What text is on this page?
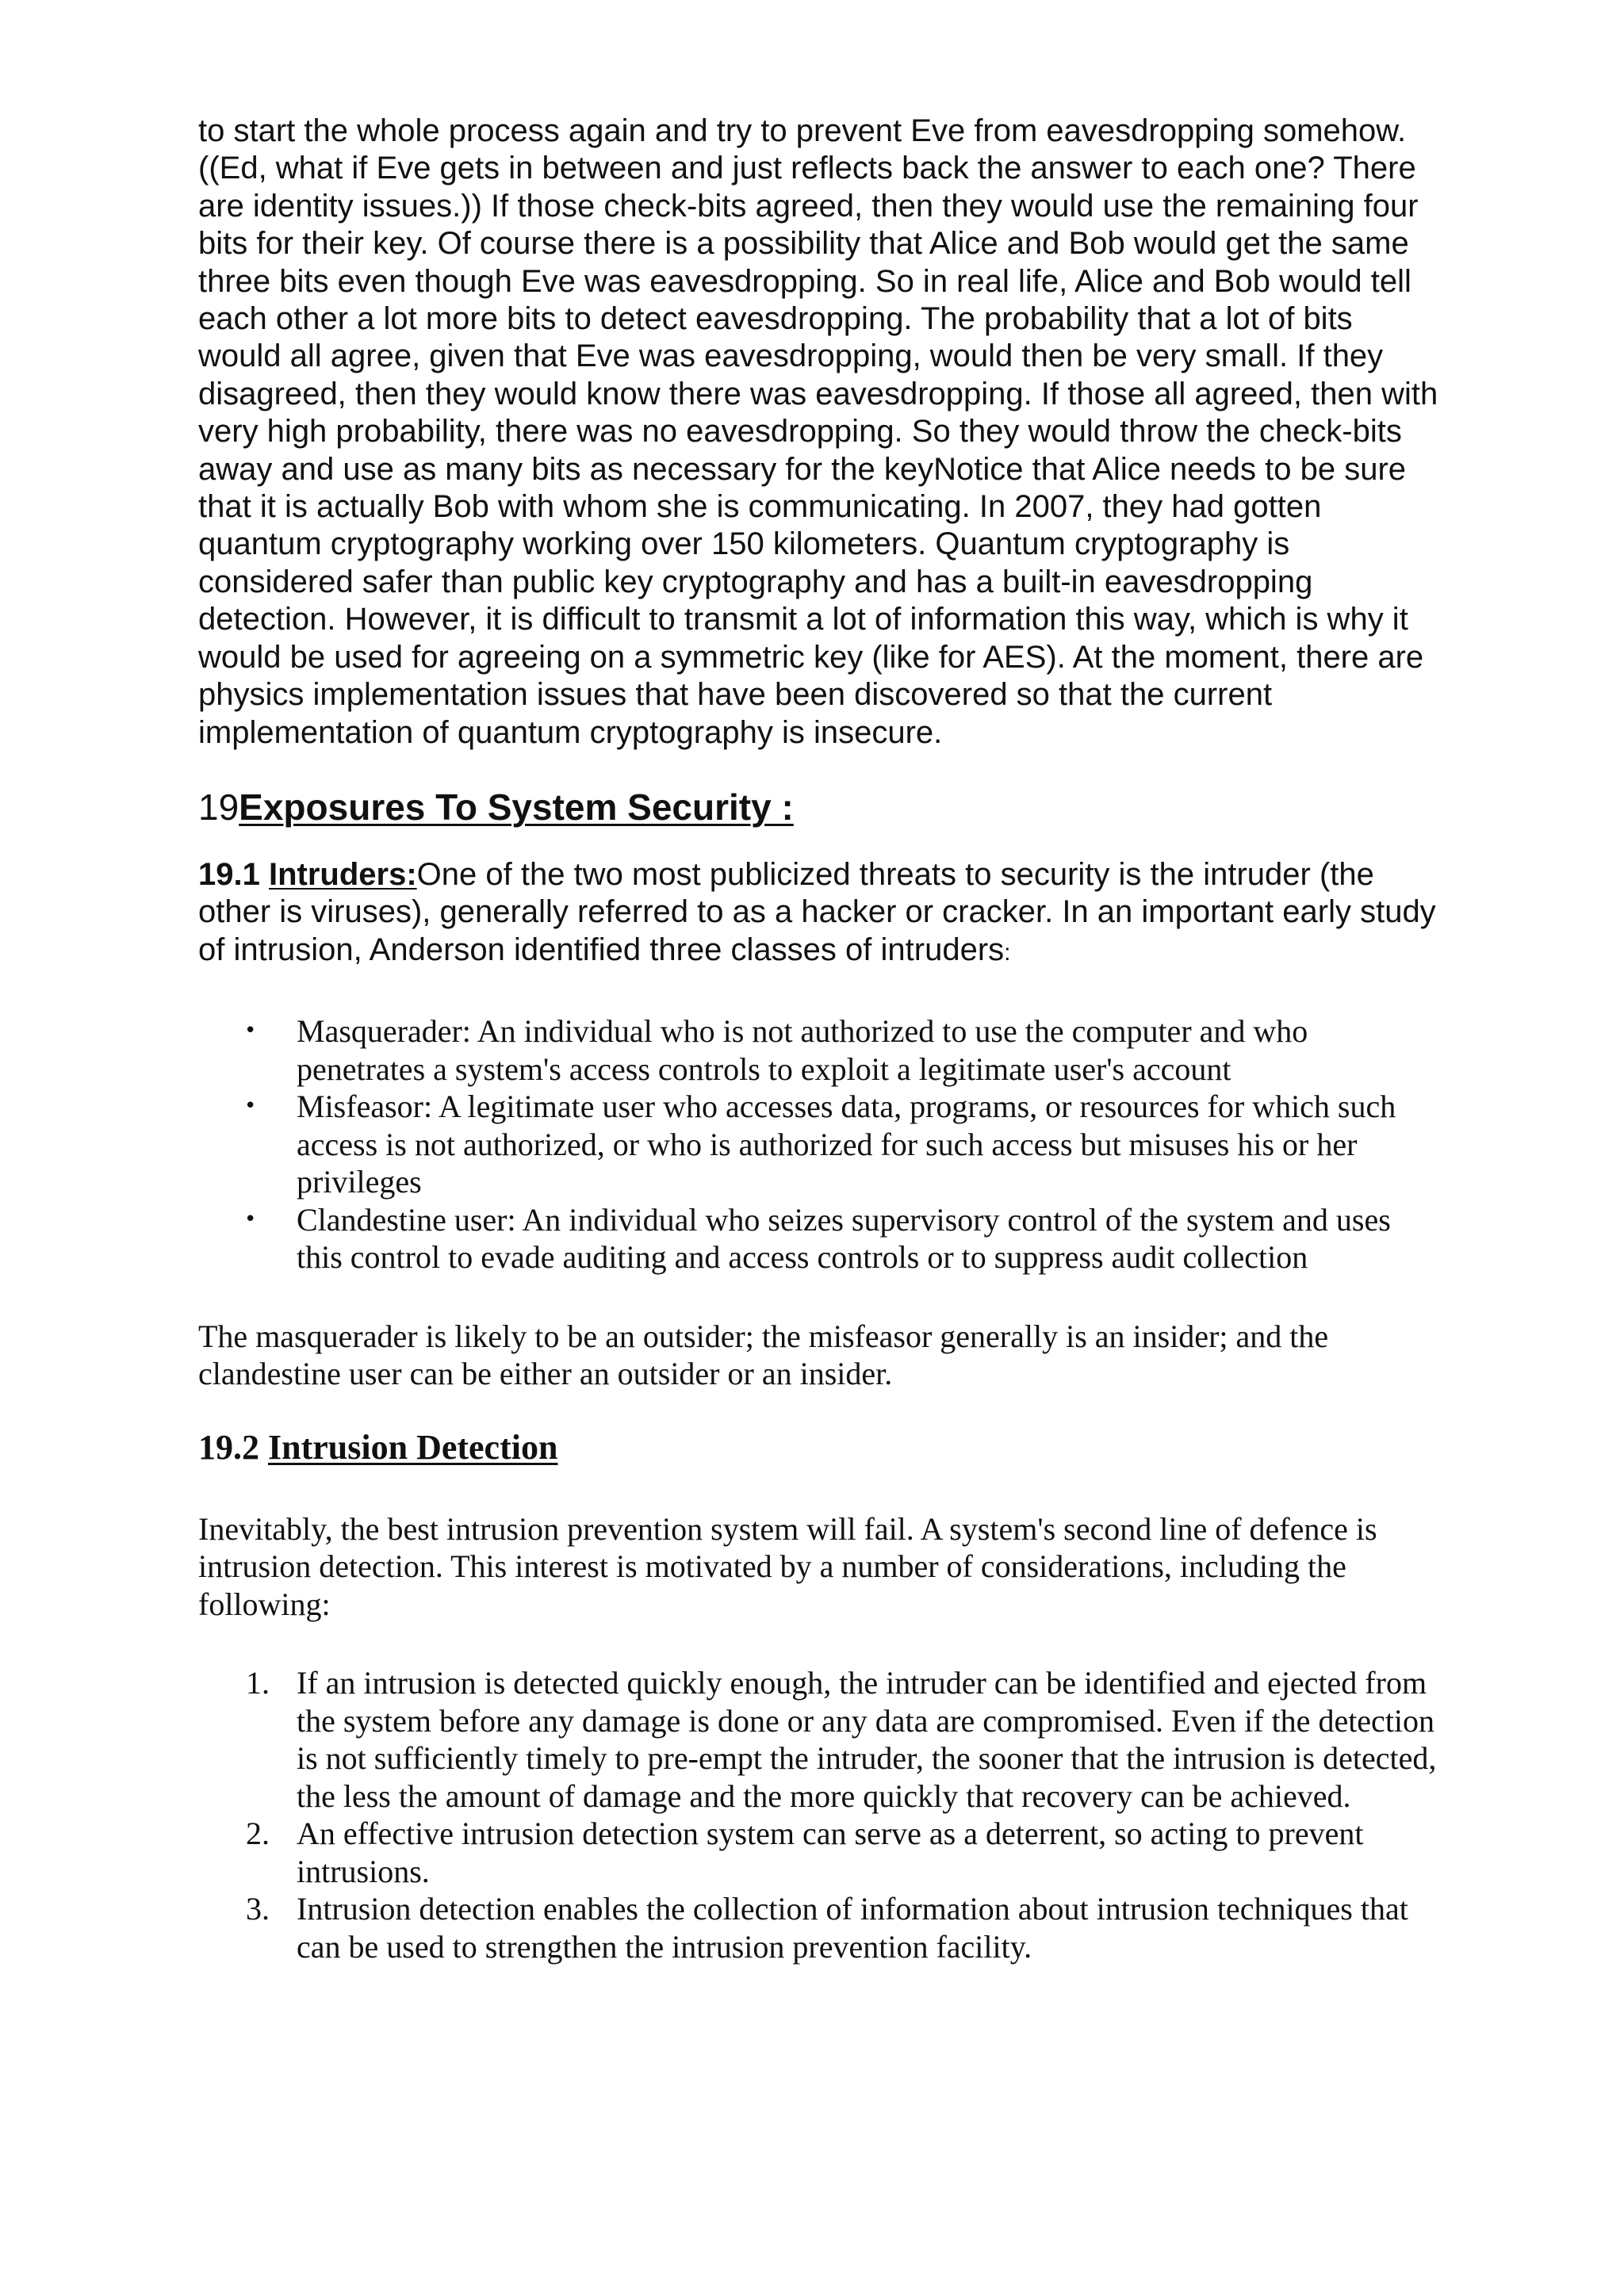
to start the whole process again and try to prevent Eve from eavesdropping somehow. ((Ed, what if Eve gets in between and just reflects back the answer to each one? There are identity issues.)) If those check-bits agreed, then they would use the remaining four bits for their key. Of course there is a possibility that Alice and Bob would get the same three bits even though Eve was eavesdropping. So in real life, Alice and Bob would tell each other a lot more bits to detect eavesdropping. The probability that a lot of bits would all agree, given that Eve was eavesdropping, would then be very small. If they disagreed, then they would know there was eavesdropping. If those all agreed, then with very high probability, there was no eavesdropping. So they would throw the check-bits away and use as many bits as necessary for the keyNotice that Alice needs to be sure that it is actually Bob with whom she is communicating. In 2007, they had gotten quantum cryptography working over 150 kilometers. Quantum cryptography is considered safer than public key cryptography and has a built-in eavesdropping detection. However, it is difficult to transmit a lot of information this way, which is why it would be used for agreeing on a symmetric key (like for AES). At the moment, there are physics implementation issues that have been discovered so that the current implementation of quantum cryptography is insecure.

19Exposures To System Security :

19.1 Intruders:One of the two most publicized threats to security is the intruder (the other is viruses), generally referred to as a hacker or cracker. In an important early study of intrusion, Anderson identified three classes of intruders:

• Masquerader: An individual who is not authorized to use the computer and who penetrates a system's access controls to exploit a legitimate user's account
• Misfeasor: A legitimate user who accesses data, programs, or resources for which such access is not authorized, or who is authorized for such access but misuses his or her privileges
• Clandestine user: An individual who seizes supervisory control of the system and uses this control to evade auditing and access controls or to suppress audit collection

The masquerader is likely to be an outsider; the misfeasor generally is an insider; and the clandestine user can be either an outsider or an insider.

19.2 Intrusion Detection

Inevitably, the best intrusion prevention system will fail. A system's second line of defence is intrusion detection. This interest is motivated by a number of considerations, including the following:

1. If an intrusion is detected quickly enough, the intruder can be identified and ejected from the system before any damage is done or any data are compromised. Even if the detection is not sufficiently timely to pre-empt the intruder, the sooner that the intrusion is detected, the less the amount of damage and the more quickly that recovery can be achieved.
2. An effective intrusion detection system can serve as a deterrent, so acting to prevent intrusions.
3. Intrusion detection enables the collection of information about intrusion techniques that can be used to strengthen the intrusion prevention facility.
